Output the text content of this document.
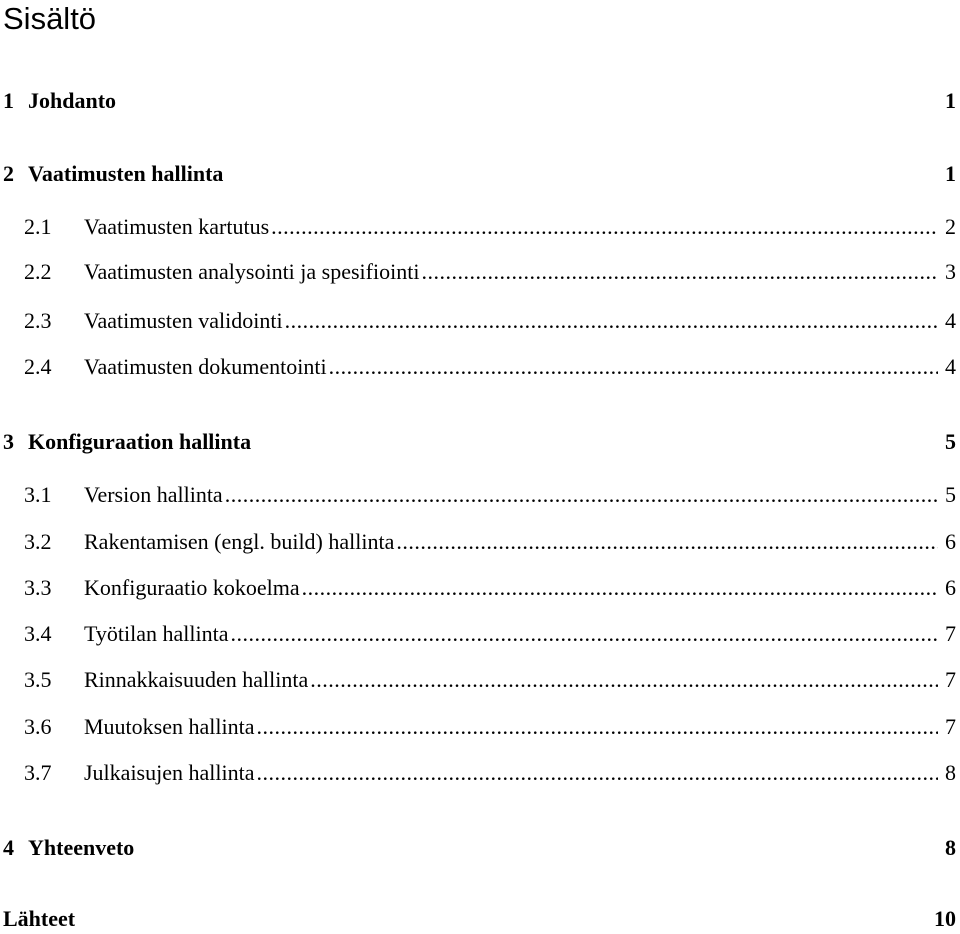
Sisältö
1 Johdanto	1
2 Vaatimusten hallinta	1
2.1 Vaatimusten kartutus .....	2
2.2 Vaatimusten analysointi ja spesifiointi .....	3
2.3 Vaatimusten validointi .....	4
2.4 Vaatimusten dokumentointi .....	4
3 Konfiguraation hallinta	5
3.1 Version hallinta .....	5
3.2 Rakentamisen (engl. build) hallinta .....	6
3.3 Konfiguraatio kokoelma .....	6
3.4 Työtilan hallinta .....	7
3.5 Rinnakkaisuuden hallinta .....	7
3.6 Muutoksen hallinta .....	7
3.7 Julkaisujen hallinta .....	8
4 Yhteenveto	8
Lähteet	10
